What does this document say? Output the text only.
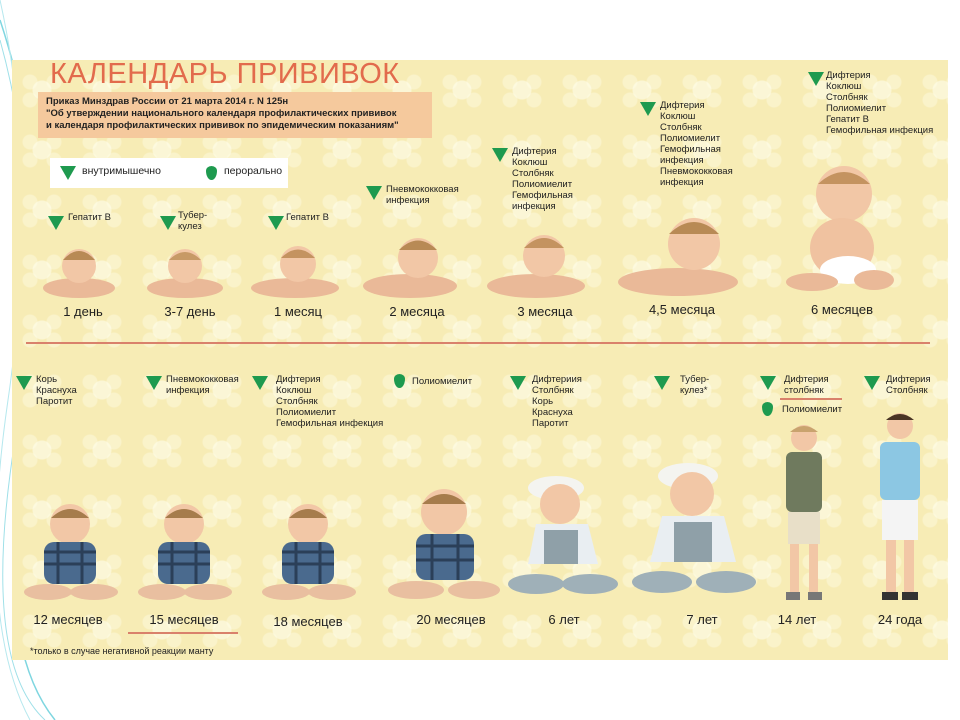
КАЛЕНДАРЬ ПРИВИВОК
Приказ Минздрав России от 21 марта 2014 г. N 125н
"Об утверждении национального календаря профилактических прививок
и календаря профилактических прививок по эпидемическим показаниям"
внутримышечно	перорально
Гепатит В
1 день
Тубер-
кулез
3-7 день
Гепатит В
1 месяц
Пневмококковая
инфекция
2 месяца
Дифтерия
Коклюш
Столбняк
Полиомиелит
Гемофильная
инфекция
3 месяца
Дифтерия
Коклюш
Столбняк
Полиомиелит
Гемофильная
инфекция
Пневмококковая
инфекция
4,5 месяца
Дифтерия
Коклюш
Столбняк
Полиомиелит
Гепатит В
Гемофильная инфекция
6 месяцев
Корь
Краснуха
Паротит
12 месяцев
Пневмококковая
инфекция
15 месяцев
Дифтерия
Коклюш
Столбняк
Полиомиелит
Гемофильная инфекция
18 месяцев
Полиомиелит
20 месяцев
Дифтериия
Столбняк
Корь
Краснуха
Паротит
6 лет
Тубер-
кулез*
7 лет
Дифтерия
столбняк
Полиомиелит
14 лет
Дифтерия
Столбняк
24 года
*только в случае негативной реакции манту
